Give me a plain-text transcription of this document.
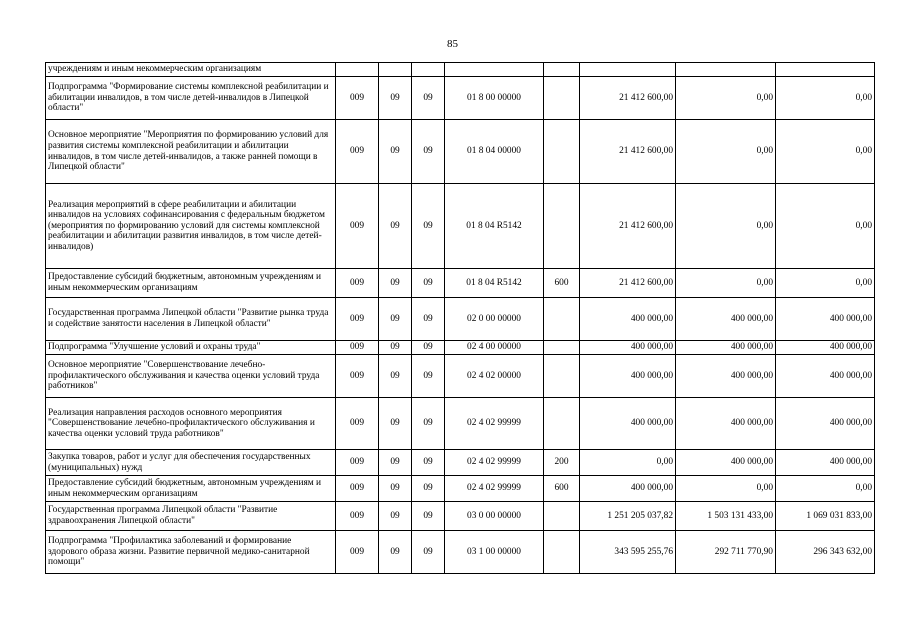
85
учреждениям и иным некоммерческим организациям								
Подпрограмма "Формирование системы комплексной реабилитации и абилитации инвалидов, в том числе детей-инвалидов в Липецкой области"	009	09	09	01 8 00 00000		21 412 600,00	0,00	0,00
Основное мероприятие "Мероприятия по формированию условий для развития системы комплексной реабилитации и абилитации инвалидов, в том числе детей-инвалидов, а также ранней помощи в Липецкой области"	009	09	09	01 8 04 00000		21 412 600,00	0,00	0,00
Реализация мероприятий в сфере реабилитации и абилитации инвалидов на условиях софинансирования с федеральным бюджетом (мероприятия по формированию условий для системы комплексной реабилитации и абилитации развития инвалидов, в том числе детей-инвалидов)	009	09	09	01 8 04 R5142		21 412 600,00	0,00	0,00
Предоставление субсидий бюджетным, автономным учреждениям и иным некоммерческим организациям	009	09	09	01 8 04 R5142	600	21 412 600,00	0,00	0,00
Государственная программа Липецкой области "Развитие рынка труда и содействие занятости населения в Липецкой области"	009	09	09	02 0 00 00000		400 000,00	400 000,00	400 000,00
Подпрограмма "Улучшение условий и охраны труда"	009	09	09	02 4 00 00000		400 000,00	400 000,00	400 000,00
Основное мероприятие "Совершенствование лечебно-профилактического обслуживания и качества оценки условий труда работников"	009	09	09	02 4 02 00000		400 000,00	400 000,00	400 000,00
Реализация направления расходов основного мероприятия "Совершенствование лечебно-профилактического обслуживания и качества оценки условий труда работников"	009	09	09	02 4 02 99999		400 000,00	400 000,00	400 000,00
Закупка товаров, работ и услуг для обеспечения государственных (муниципальных) нужд	009	09	09	02 4 02 99999	200	0,00	400 000,00	400 000,00
Предоставление субсидий бюджетным, автономным учреждениям и иным некоммерческим организациям	009	09	09	02 4 02 99999	600	400 000,00	0,00	0,00
Государственная программа Липецкой области "Развитие здравоохранения Липецкой области"	009	09	09	03 0 00 00000		1 251 205 037,82	1 503 131 433,00	1 069 031 833,00
Подпрограмма "Профилактика заболеваний и формирование здорового образа жизни. Развитие первичной медико-санитарной помощи"	009	09	09	03 1 00 00000		343 595 255,76	292 711 770,90	296 343 632,00
